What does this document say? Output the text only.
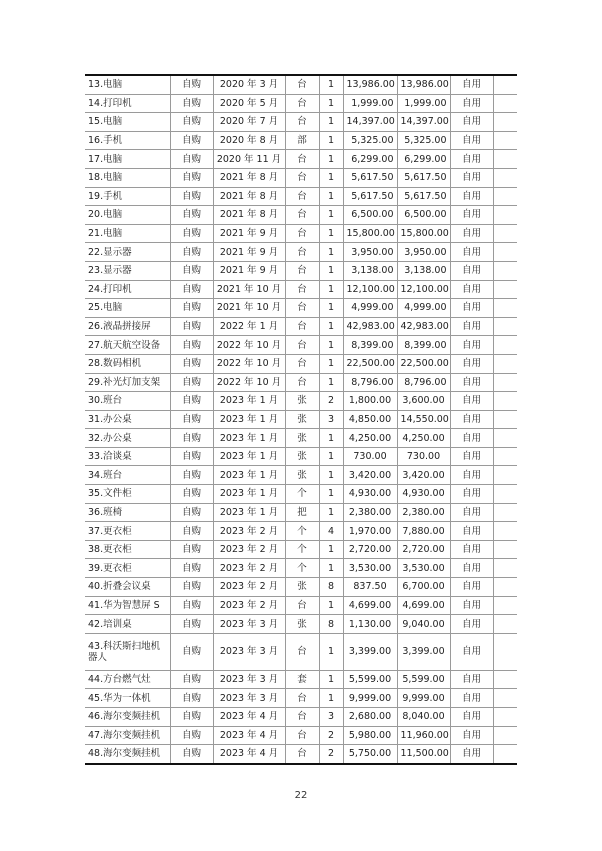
13.电脑	自购	2020 年 3 月	台	1	13,986.00	13,986.00	自用	
14.打印机	自购	2020 年 5 月	台	1	1,999.00	1,999.00	自用	
15.电脑	自购	2020 年 7 月	台	1	14,397.00	14,397.00	自用	
16.手机	自购	2020 年 8 月	部	1	5,325.00	5,325.00	自用	
17.电脑	自购	2020 年 11 月	台	1	6,299.00	6,299.00	自用	
18.电脑	自购	2021 年 8 月	台	1	5,617.50	5,617.50	自用	
19.手机	自购	2021 年 8 月	台	1	5,617.50	5,617.50	自用	
20.电脑	自购	2021 年 8 月	台	1	6,500.00	6,500.00	自用	
21.电脑	自购	2021 年 9 月	台	1	15,800.00	15,800.00	自用	
22.显示器	自购	2021 年 9 月	台	1	3,950.00	3,950.00	自用	
23.显示器	自购	2021 年 9 月	台	1	3,138.00	3,138.00	自用	
24.打印机	自购	2021 年 10 月	台	1	12,100.00	12,100.00	自用	
25.电脑	自购	2021 年 10 月	台	1	4,999.00	4,999.00	自用	
26.液晶拼接屏	自购	2022 年 1 月	台	1	42,983.00	42,983.00	自用	
27.航天航空设备	自购	2022 年 10 月	台	1	8,399.00	8,399.00	自用	
28.数码相机	自购	2022 年 10 月	台	1	22,500.00	22,500.00	自用	
29.补光灯加支架	自购	2022 年 10 月	台	1	8,796.00	8,796.00	自用	
30.班台	自购	2023 年 1 月	张	2	1,800.00	3,600.00	自用	
31.办公桌	自购	2023 年 1 月	张	3	4,850.00	14,550.00	自用	
32.办公桌	自购	2023 年 1 月	张	1	4,250.00	4,250.00	自用	
33.洽谈桌	自购	2023 年 1 月	张	1	730.00	730.00	自用	
34.班台	自购	2023 年 1 月	张	1	3,420.00	3,420.00	自用	
35.文件柜	自购	2023 年 1 月	个	1	4,930.00	4,930.00	自用	
36.班椅	自购	2023 年 1 月	把	1	2,380.00	2,380.00	自用	
37.更衣柜	自购	2023 年 2 月	个	4	1,970.00	7,880.00	自用	
38.更衣柜	自购	2023 年 2 月	个	1	2,720.00	2,720.00	自用	
39.更衣柜	自购	2023 年 2 月	个	1	3,530.00	3,530.00	自用	
40.折叠会议桌	自购	2023 年 2 月	张	8	837.50	6,700.00	自用	
41.华为智慧屏 S	自购	2023 年 2 月	台	1	4,699.00	4,699.00	自用	
42.培训桌	自购	2023 年 3 月	张	8	1,130.00	9,040.00	自用	
43.科沃斯扫地机器人	自购	2023 年 3 月	台	1	3,399.00	3,399.00	自用	
44.方台燃气灶	自购	2023 年 3 月	套	1	5,599.00	5,599.00	自用	
45.华为一体机	自购	2023 年 3 月	台	1	9,999.00	9,999.00	自用	
46.海尔变频挂机	自购	2023 年 4 月	台	3	2,680.00	8,040.00	自用	
47.海尔变频挂机	自购	2023 年 4 月	台	2	5,980.00	11,960.00	自用	
48.海尔变频挂机	自购	2023 年 4 月	台	2	5,750.00	11,500.00	自用	
22
